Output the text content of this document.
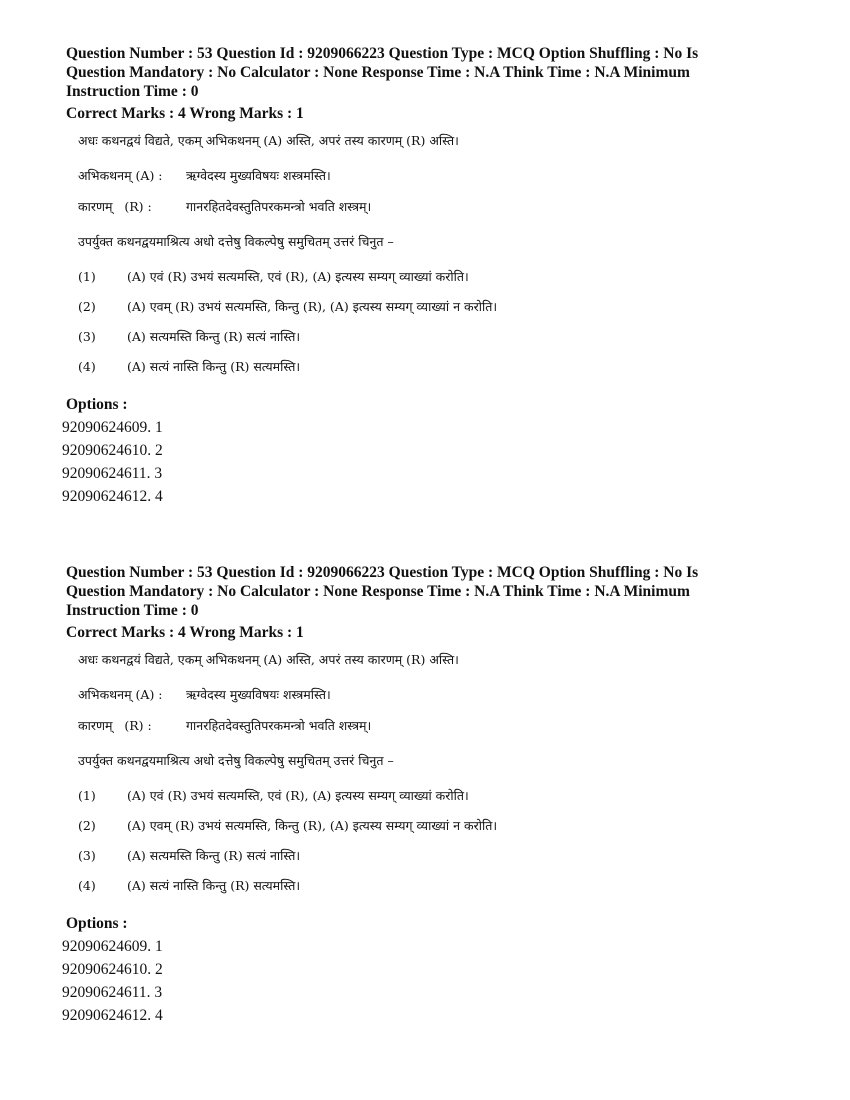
Question Number : 53 Question Id : 9209066223 Question Type : MCQ Option Shuffling : No Is
Question Mandatory : No Calculator : None Response Time : N.A Think Time : N.A Minimum
Instruction Time : 0
Correct Marks : 4 Wrong Marks : 1
अधः कथनद्वयं विद्यते, एकम् अभिकथनम् (A) अस्ति, अपरं तस्य कारणम् (R) अस्ति।
अभिकथनम् (A) :	ऋग्वेदस्य मुख्यविषयः शस्त्रमस्ति।
कारणम्   (R) :	गानरहितदेवस्तुतिपरकमन्त्रो भवति शस्त्रम्।
उपर्युक्त कथनद्वयमाश्रित्य अधो दत्तेषु विकल्पेषु समुचितम् उत्तरं चिनुत –
(1)	(A) एवं (R) उभयं सत्यमस्ति, एवं (R), (A) इत्यस्य सम्यग् व्याख्यां करोति।
(2)	(A) एवम् (R) उभयं सत्यमस्ति, किन्तु (R), (A) इत्यस्य सम्यग् व्याख्यां न करोति।
(3)	(A) सत्यमस्ति किन्तु (R) सत्यं नास्ति।
(4)	(A) सत्यं नास्ति किन्तु (R) सत्यमस्ति।
Options :
92090624609. 1
92090624610. 2
92090624611. 3
92090624612. 4
Question Number : 53 Question Id : 9209066223 Question Type : MCQ Option Shuffling : No Is
Question Mandatory : No Calculator : None Response Time : N.A Think Time : N.A Minimum
Instruction Time : 0
Correct Marks : 4 Wrong Marks : 1
अधः कथनद्वयं विद्यते, एकम् अभिकथनम् (A) अस्ति, अपरं तस्य कारणम् (R) अस्ति।
अभिकथनम् (A) :	ऋग्वेदस्य मुख्यविषयः शस्त्रमस्ति।
कारणम्   (R) :	गानरहितदेवस्तुतिपरकमन्त्रो भवति शस्त्रम्।
उपर्युक्त कथनद्वयमाश्रित्य अधो दत्तेषु विकल्पेषु समुचितम् उत्तरं चिनुत –
(1)	(A) एवं (R) उभयं सत्यमस्ति, एवं (R), (A) इत्यस्य सम्यग् व्याख्यां करोति।
(2)	(A) एवम् (R) उभयं सत्यमस्ति, किन्तु (R), (A) इत्यस्य सम्यग् व्याख्यां न करोति।
(3)	(A) सत्यमस्ति किन्तु (R) सत्यं नास्ति।
(4)	(A) सत्यं नास्ति किन्तु (R) सत्यमस्ति।
Options :
92090624609. 1
92090624610. 2
92090624611. 3
92090624612. 4
